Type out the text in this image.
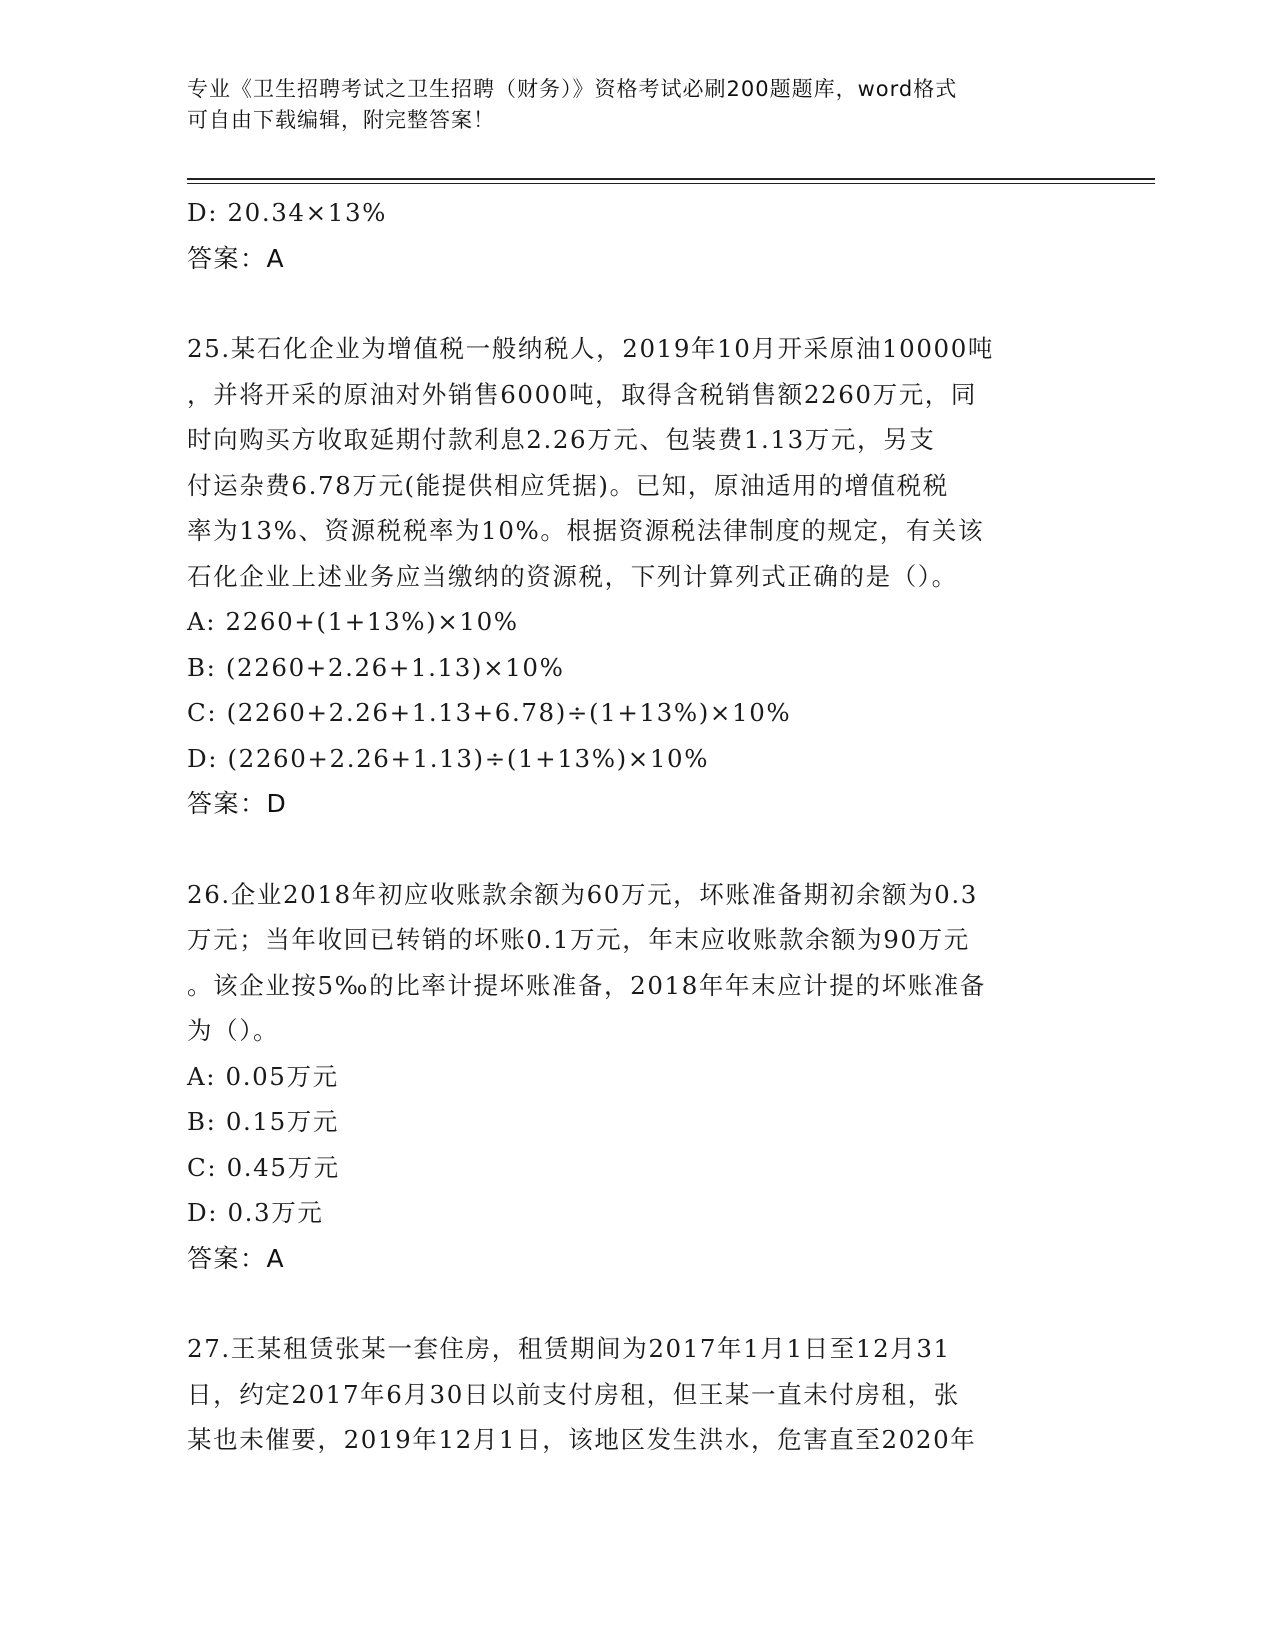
专业《卫生招聘考试之卫生招聘（财务）》资格考试必刷200题题库，word格式
可自由下载编辑，附完整答案！
D: 20.34×13%
答案：A
25.某石化企业为增值税一般纳税人，2019年10月开采原油10000吨
，并将开采的原油对外销售6000吨，取得含税销售额2260万元，同
时向购买方收取延期付款利息2.26万元、包装费1.13万元，另支
付运杂费6.78万元(能提供相应凭据)。已知，原油适用的增值税税
率为13%、资源税税率为10%。根据资源税法律制度的规定，有关该
石化企业上述业务应当缴纳的资源税，下列计算列式正确的是（）。
A: 2260+(1+13%)×10%
B: (2260+2.26+1.13)×10%
C: (2260+2.26+1.13+6.78)÷(1+13%)×10%
D: (2260+2.26+1.13)÷(1+13%)×10%
答案：D
26.企业2018年初应收账款余额为60万元，坏账准备期初余额为0.3
万元；当年收回已转销的坏账0.1万元，年末应收账款余额为90万元
。该企业按5‰的比率计提坏账准备，2018年年末应计提的坏账准备
为（）。
A: 0.05万元
B: 0.15万元
C: 0.45万元
D: 0.3万元
答案：A
27.王某租赁张某一套住房，租赁期间为2017年1月1日至12月31
日，约定2017年6月30日以前支付房租，但王某一直未付房租，张
某也未催要，2019年12月1日，该地区发生洪水，危害直至2020年
